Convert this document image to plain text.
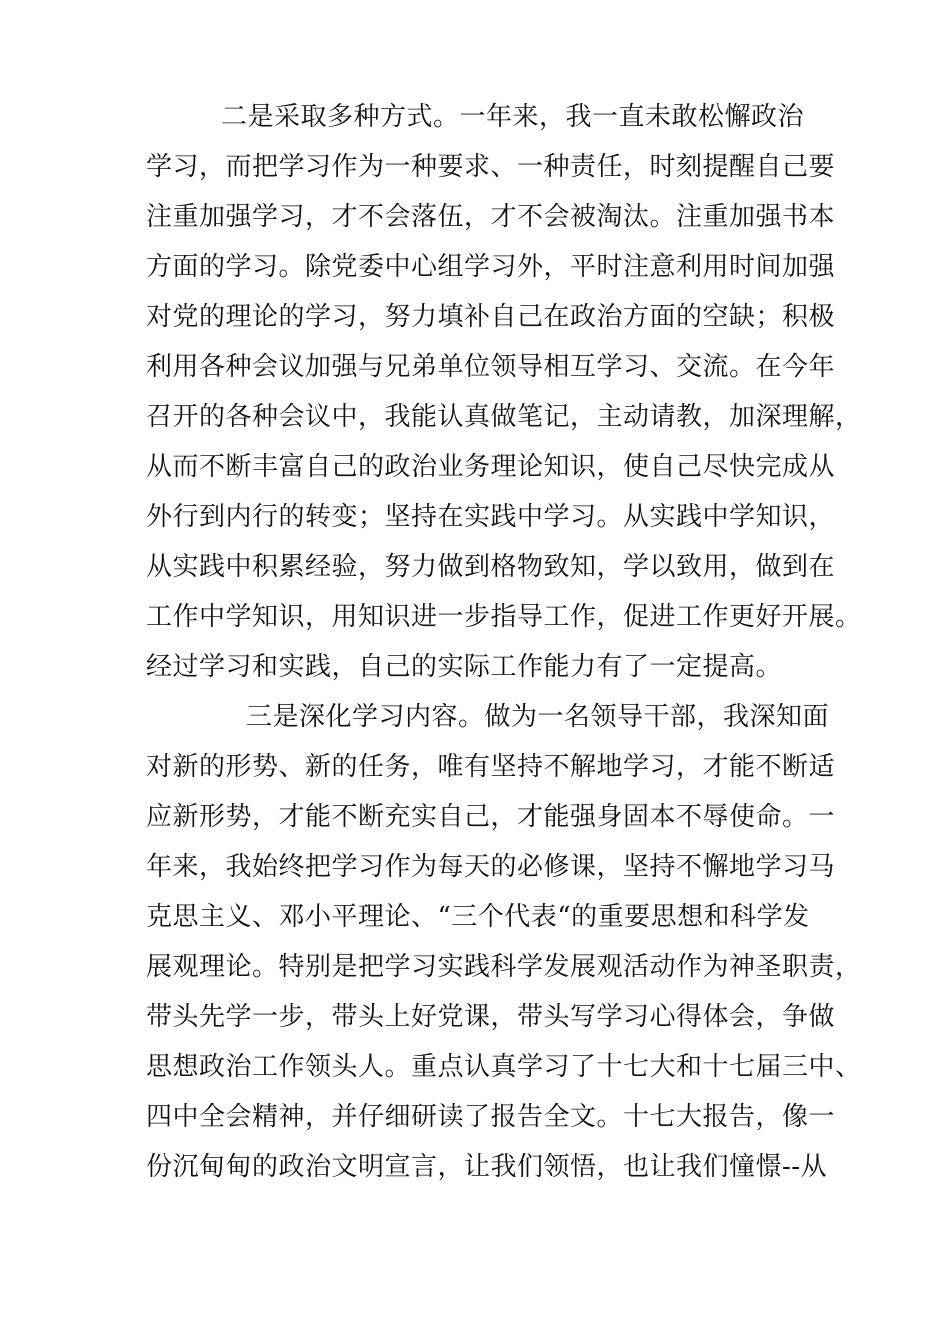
二是采取多种方式。一年来，我一直未敢松懈政治
学习，而把学习作为一种要求、一种责任，时刻提醒自己要
注重加强学习，才不会落伍，才不会被淘汰。注重加强书本
方面的学习。除党委中心组学习外，平时注意利用时间加强
对党的理论的学习，努力填补自己在政治方面的空缺；积极
利用各种会议加强与兄弟单位领导相互学习、交流。在今年
召开的各种会议中，我能认真做笔记，主动请教，加深理解，
从而不断丰富自己的政治业务理论知识，使自己尽快完成从
外行到内行的转变；坚持在实践中学习。从实践中学知识，
从实践中积累经验，努力做到格物致知，学以致用，做到在
工作中学知识，用知识进一步指导工作，促进工作更好开展。
经过学习和实践，自己的实际工作能力有了一定提高。
三是深化学习内容。做为一名领导干部，我深知面
对新的形势、新的任务，唯有坚持不解地学习，才能不断适
应新形势，才能不断充实自己，才能强身固本不辱使命。一
年来，我始终把学习作为每天的必修课，坚持不懈地学习马
克思主义、邓小平理论、“三个代表“的重要思想和科学发
展观理论。特别是把学习实践科学发展观活动作为神圣职责，
带头先学一步，带头上好党课，带头写学习心得体会，争做
思想政治工作领头人。重点认真学习了十七大和十七届三中、
四中全会精神，并仔细研读了报告全文。十七大报告，像一
份沉甸甸的政治文明宣言，让我们领悟，也让我们憧憬--从
